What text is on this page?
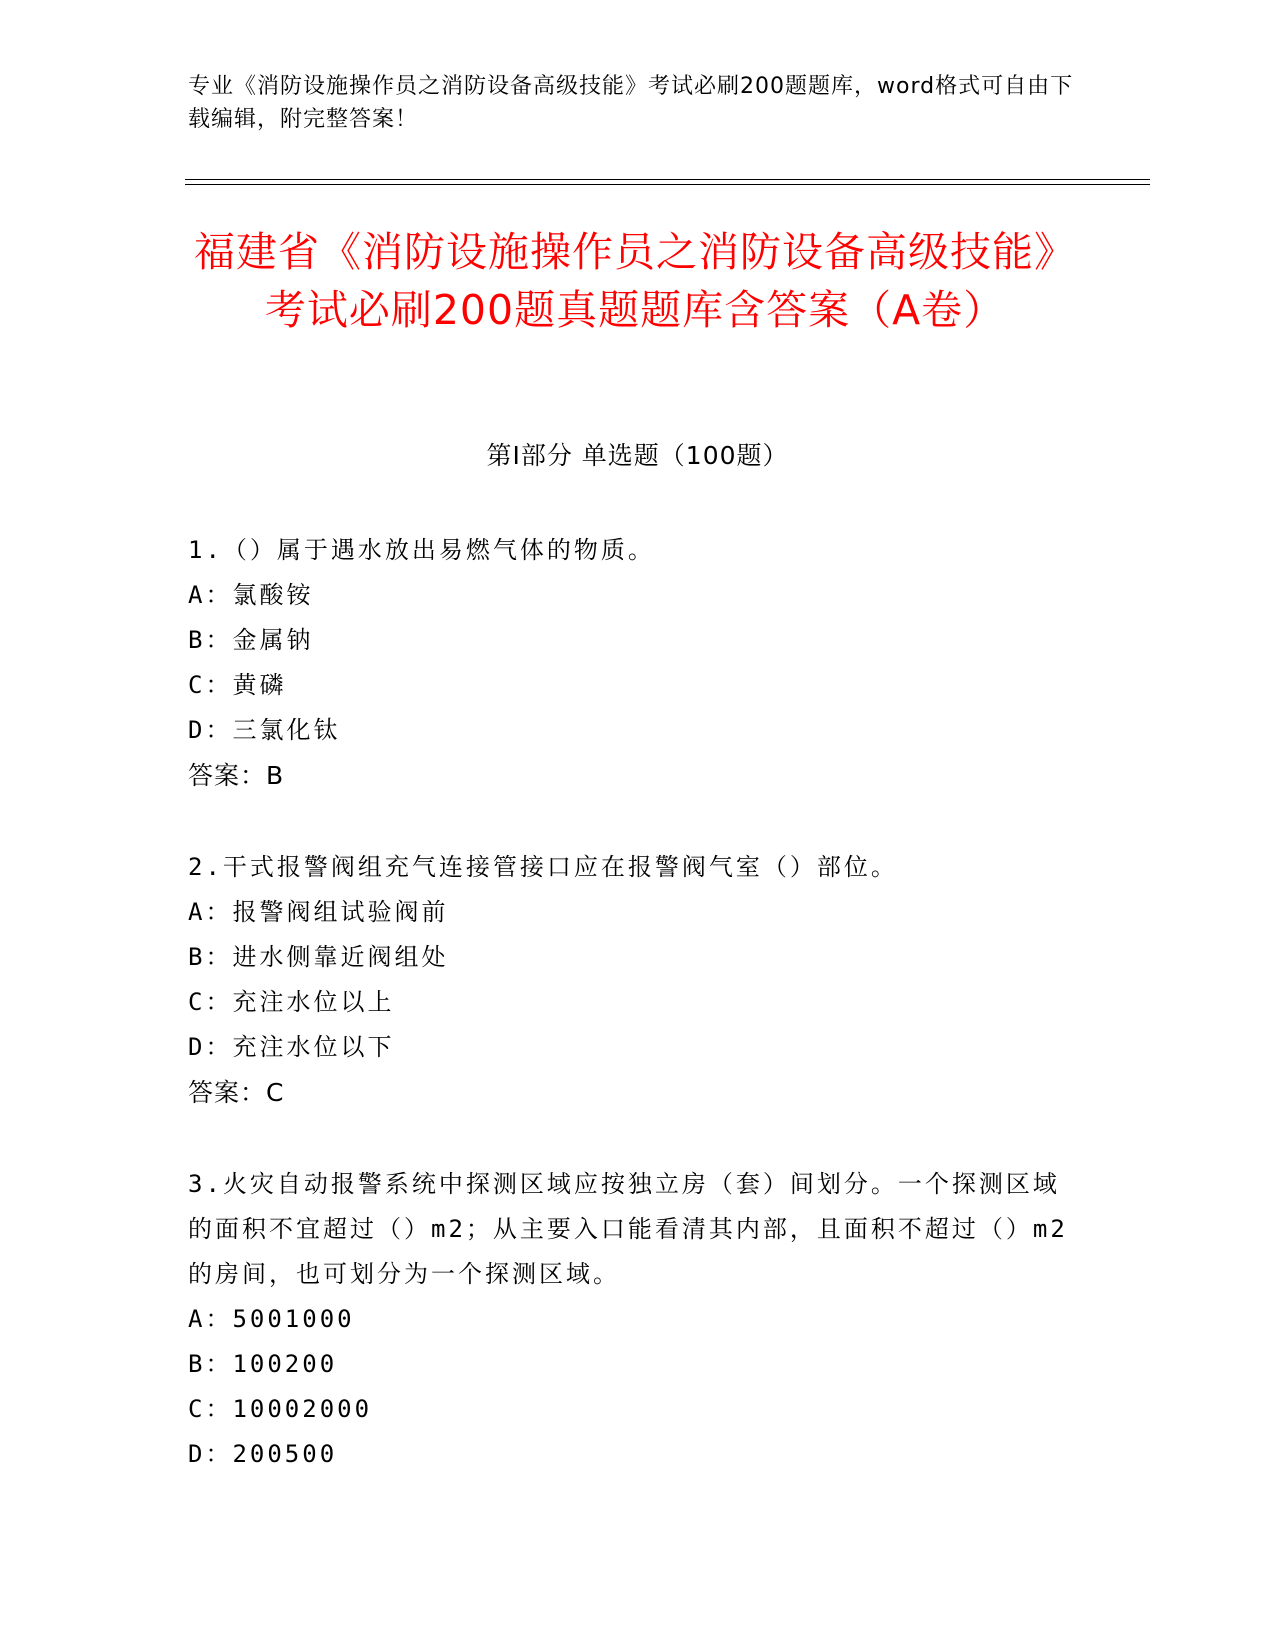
专业《消防设施操作员之消防设备高级技能》考试必刷200题题库，word格式可自由下载编辑，附完整答案！
福建省《消防设施操作员之消防设备高级技能》考试必刷200题真题题库含答案（A卷）
第I部分 单选题（100题）
1.（）属于遇水放出易燃气体的物质。
A：氯酸铵
B：金属钠
C：黄磷
D：三氯化钛
答案：B
2.干式报警阀组充气连接管接口应在报警阀气室（）部位。
A：报警阀组试验阀前
B：进水侧靠近阀组处
C：充注水位以上
D：充注水位以下
答案：C
3.火灾自动报警系统中探测区域应按独立房（套）间划分。一个探测区域的面积不宜超过（）m2；从主要入口能看清其内部，且面积不超过（）m2的房间，也可划分为一个探测区域。
A：5001000
B：100200
C：10002000
D：200500
